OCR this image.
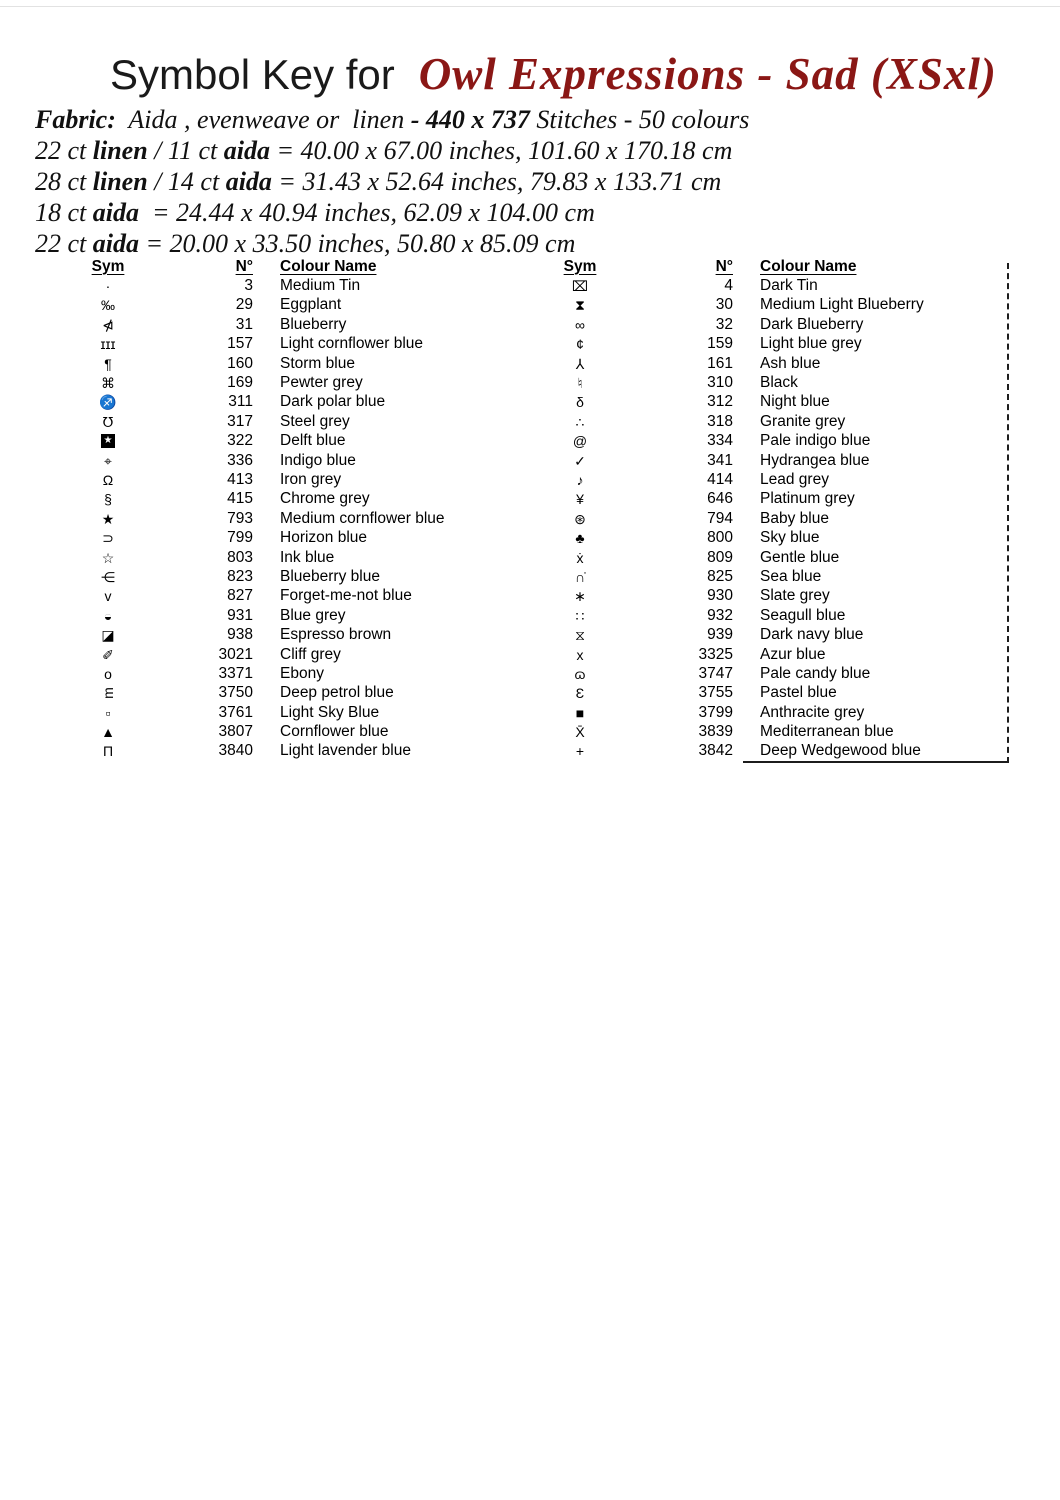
Symbol Key for Owl Expressions - Sad (XSxl)
Fabric:  Aida , evenweave or  linen - 440 x 737 Stitches - 50 colours
22 ct linen / 11 ct aida = 40.00 x 67.00 inches, 101.60 x 170.18 cm
28 ct linen / 14 ct aida = 31.43 x 52.64 inches, 79.83 x 133.71 cm
18 ct aida  = 24.44 x 40.94 inches, 62.09 x 104.00 cm
22 ct aida = 20.00 x 33.50 inches, 50.80 x 85.09 cm
Sym	N°	Colour Name
·	3	Medium Tin
‰	29	Eggplant
⋪	31	Blueberry
ɪɪɪ	157	Light cornflower blue
¶	160	Storm blue
⌘	169	Pewter grey
♐	311	Dark polar blue
℧	317	Steel grey
★	322	Delft blue
⌖	336	Indigo blue
Ω	413	Iron grey
§	415	Chrome grey
★	793	Medium cornflower blue
⊃	799	Horizon blue
☆	803	Ink blue
⋲	823	Blueberry blue
ᴠ	827	Forget-me-not blue
◒	931	Blue grey
◪	938	Espresso brown
✐	3021	Cliff grey
o	3371	Ebony
m	3750	Deep petrol blue
▫	3761	Light Sky Blue
▲	3807	Cornflower blue
Π	3840	Light lavender blue
Sym	N°	Colour Name
⌧	4	Dark Tin
⧗	30	Medium Light Blueberry
∞	32	Dark Blueberry
¢	159	Light blue grey
⅄	161	Ash blue
♮	310	Black
δ	312	Night blue
∴	318	Granite grey
@	334	Pale indigo blue
✓	341	Hydrangea blue
♪	414	Lead grey
¥	646	Platinum grey
⊛	794	Baby blue
♣	800	Sky blue
ẋ	809	Gentle blue
∩̇	825	Sea blue
∗	930	Slate grey
∷	932	Seagull blue
⧖	939	Dark navy blue
x	3325	Azur blue
ɷ	3747	Pale candy blue
Ɛ	3755	Pastel blue
■	3799	Anthracite grey
X̄	3839	Mediterranean blue
+	3842	Deep Wedgewood blue
